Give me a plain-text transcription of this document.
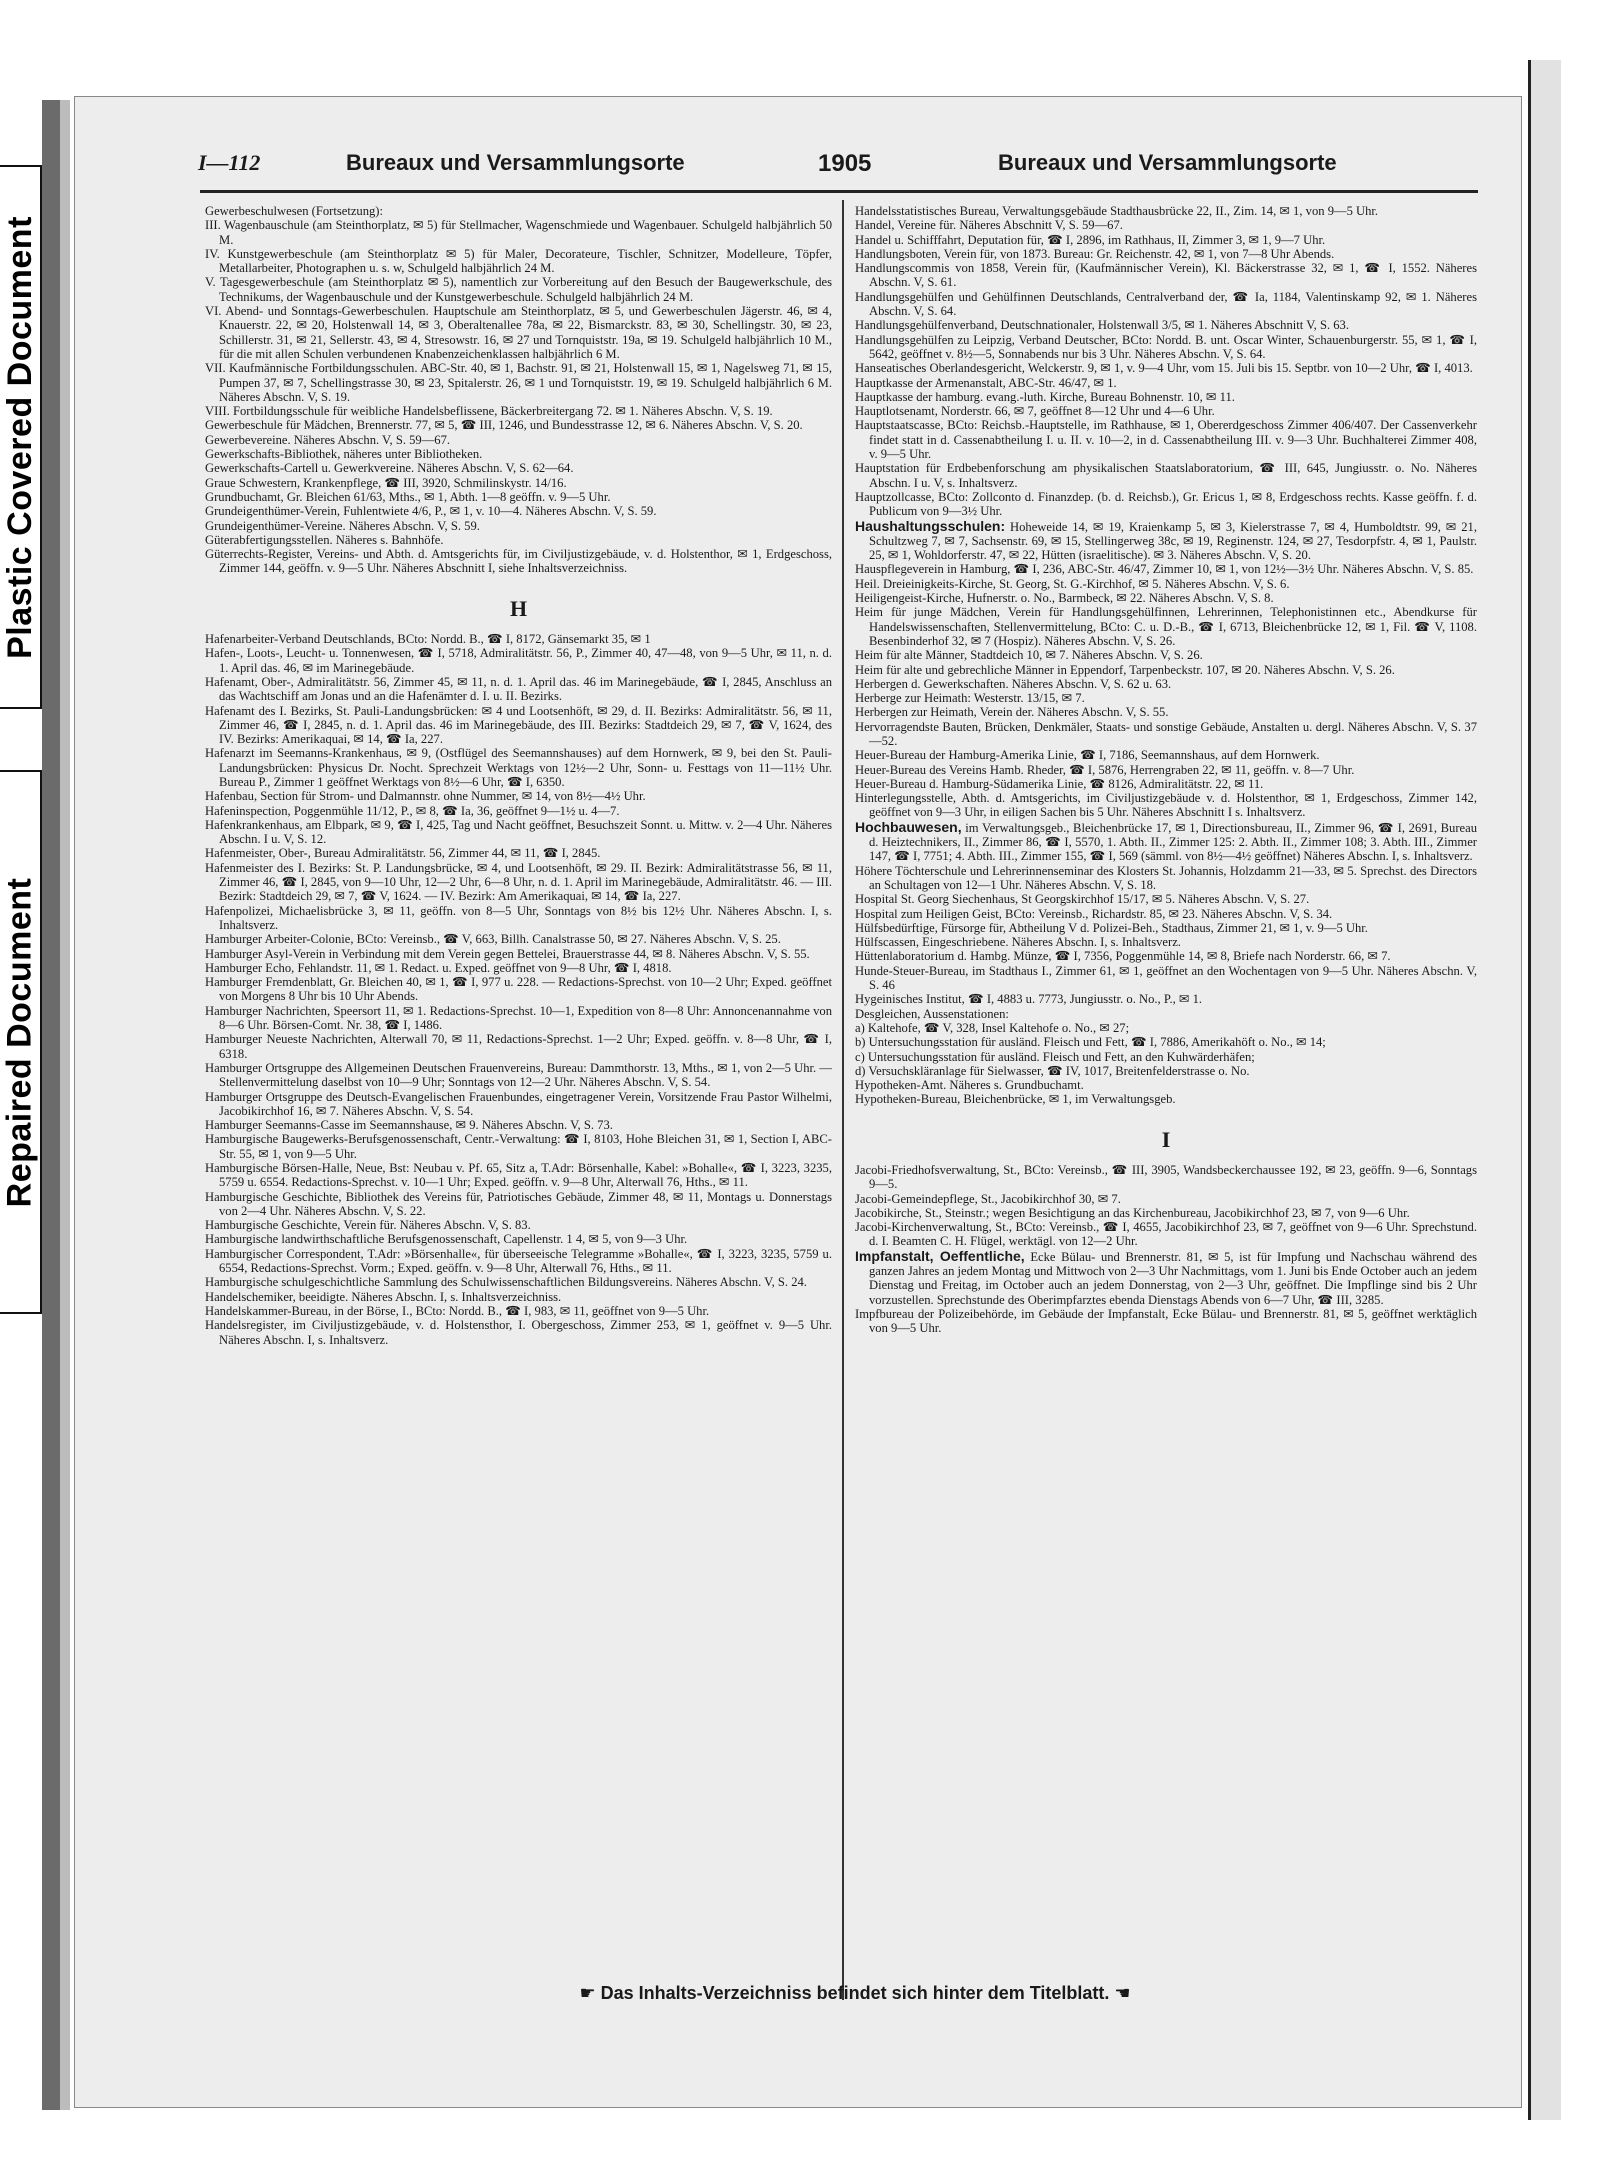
Plastic Covered Document
Repaired Document
I—112	Bureaux und Versammlungsorte	1905	Bureaux und Versammlungsorte
Gewerbeschulwesen (Fortsetzung):
III. Wagenbauschule (am Steinthorplatz, ✉ 5) für Stellmacher, Wagenschmiede und Wagenbauer. Schulgeld halbjährlich 50 M.
IV. Kunstgewerbeschule (am Steinthorplatz ✉ 5) für Maler, Decorateure, Tischler, Schnitzer, Modelleure, Töpfer, Metallarbeiter, Photographen u. s. w, Schulgeld halbjährlich 24 M.
V. Tagesgewerbeschule (am Steinthorplatz ✉ 5), namentlich zur Vorbereitung auf den Besuch der Baugewerkschule, des Technikums, der Wagenbauschule und der Kunstgewerbeschule. Schulgeld halbjährlich 24 M.
VI. Abend- und Sonntags-Gewerbeschulen. Hauptschule am Steinthorplatz, ✉ 5, und Gewerbeschulen Jägerstr. 46, ✉ 4, Knauerstr. 22, ✉ 20, Holstenwall 14, ✉ 3, Oberaltenallee 78a, ✉ 22, Bismarckstr. 83, ✉ 30, Schellingstr. 30, ✉ 23, Schillerstr. 31, ✉ 21, Sellerstr. 43, ✉ 4, Stresowstr. 16, ✉ 27 und Tornquiststr. 19a, ✉ 19. Schulgeld halbjährlich 10 M., für die mit allen Schulen verbundenen Knabenzeichenklassen halbjährlich 6 M.
VII. Kaufmännische Fortbildungsschulen. ABC-Str. 40, ✉ 1, Bachstr. 91, ✉ 21, Holstenwall 15, ✉ 1, Nagelsweg 71, ✉ 15, Pumpen 37, ✉ 7, Schellingstrasse 30, ✉ 23, Spitalerstr. 26, ✉ 1 und Tornquiststr. 19, ✉ 19. Schulgeld halbjährlich 6 M. Näheres Abschn. V, S. 19.
VIII. Fortbildungsschule für weibliche Handelsbeflissene, Bäckerbreitergang 72. ✉ 1. Näheres Abschn. V, S. 19.
Gewerbeschule für Mädchen, Brennerstr. 77, ✉ 5, ☎ III, 1246, und Bundesstrasse 12, ✉ 6. Näheres Abschn. V, S. 20.
Gewerbevereine. Näheres Abschn. V, S. 59—67.
Gewerkschafts-Bibliothek, näheres unter Bibliotheken.
Gewerkschafts-Cartell u. Gewerkvereine. Näheres Abschn. V, S. 62—64.
Graue Schwestern, Krankenpflege, ☎ III, 3920, Schmilinskystr. 14/16.
Grundbuchamt, Gr. Bleichen 61/63, Mths., ✉ 1, Abth. 1—8 geöffn. v. 9—5 Uhr.
Grundeigenthümer-Verein, Fuhlentwiete 4/6, P., ✉ 1, v. 10—4. Näheres Abschn. V, S. 59.
Grundeigenthümer-Vereine. Näheres Abschn. V, S. 59.
Güterabfertigungsstellen. Näheres s. Bahnhöfe.
Güterrechts-Register, Vereins- und Abth. d. Amtsgerichts für, im Civiljustizgebäude, v. d. Holstenthor, ✉ 1, Erdgeschoss, Zimmer 144, geöffn. v. 9—5 Uhr. Näheres Abschnitt I, siehe Inhaltsverzeichniss.
H
Hafenarbeiter-Verband Deutschlands, BCto: Nordd. B., ☎ I, 8172, Gänsemarkt 35, ✉ 1
Hafen-, Loots-, Leucht- u. Tonnenwesen, ☎ I, 5718, Admiralitätstr. 56, P., Zimmer 40, 47—48, von 9—5 Uhr, ✉ 11, n. d. 1. April das. 46, ✉ im Marinegebäude.
Hafenamt, Ober-, Admiralitätstr. 56, Zimmer 45, ✉ 11, n. d. 1. April das. 46 im Marinegebäude, ☎ I, 2845, Anschluss an das Wachtschiff am Jonas und an die Hafenämter d. I. u. II. Bezirks.
Hafenamt des I. Bezirks, St. Pauli-Landungsbrücken: ✉ 4 und Lootsenhöft, ✉ 29, d. II. Bezirks: Admiralitätstr. 56, ✉ 11, Zimmer 46, ☎ I, 2845, n. d. 1. April das. 46 im Marinegebäude, des III. Bezirks: Stadtdeich 29, ✉ 7, ☎ V, 1624, des IV. Bezirks: Amerikaquai, ✉ 14, ☎ Ia, 227.
Hafenarzt im Seemanns-Krankenhaus, ✉ 9, (Ostflügel des Seemannshauses) auf dem Hornwerk, ✉ 9, bei den St. Pauli-Landungsbrücken: Physicus Dr. Nocht. Sprechzeit Werktags von 12½—2 Uhr, Sonn- u. Festtags von 11—11½ Uhr. Bureau P., Zimmer 1 geöffnet Werktags von 8½—6 Uhr, ☎ I, 6350.
Hafenbau, Section für Strom- und Dalmannstr. ohne Nummer, ✉ 14, von 8½—4½ Uhr.
Hafeninspection, Poggenmühle 11/12, P., ✉ 8, ☎ Ia, 36, geöffnet 9—1½ u. 4—7.
Hafenkrankenhaus, am Elbpark, ✉ 9, ☎ I, 425, Tag und Nacht geöffnet, Besuchszeit Sonnt. u. Mittw. v. 2—4 Uhr. Näheres Abschn. I u. V, S. 12.
Hafenmeister, Ober-, Bureau Admiralitätstr. 56, Zimmer 44, ✉ 11, ☎ I, 2845.
Hafenmeister des I. Bezirks: St. P. Landungsbrücke, ✉ 4, und Lootsenhöft, ✉ 29. II. Bezirk: Admiralitätstrasse 56, ✉ 11, Zimmer 46, ☎ I, 2845, von 9—10 Uhr, 12—2 Uhr, 6—8 Uhr, n. d. 1. April im Marinegebäude, Admiralitätstr. 46. — III. Bezirk: Stadtdeich 29, ✉ 7, ☎ V, 1624. — IV. Bezirk: Am Amerikaquai, ✉ 14, ☎ Ia, 227.
Hafenpolizei, Michaelisbrücke 3, ✉ 11, geöffn. von 8—5 Uhr, Sonntags von 8½ bis 12½ Uhr. Näheres Abschn. I, s. Inhaltsverz.
Hamburger Arbeiter-Colonie, BCto: Vereinsb., ☎ V, 663, Billh. Canalstrasse 50, ✉ 27. Näheres Abschn. V, S. 25.
Hamburger Asyl-Verein in Verbindung mit dem Verein gegen Bettelei, Brauerstrasse 44, ✉ 8. Näheres Abschn. V, S. 55.
Hamburger Echo, Fehlandstr. 11, ✉ 1. Redact. u. Exped. geöffnet von 9—8 Uhr, ☎ I, 4818.
Hamburger Fremdenblatt, Gr. Bleichen 40, ✉ 1, ☎ I, 977 u. 228. — Redactions-Sprechst. von 10—2 Uhr; Exped. geöffnet von Morgens 8 Uhr bis 10 Uhr Abends.
Hamburger Nachrichten, Speersort 11, ✉ 1. Redactions-Sprechst. 10—1, Expedition von 8—8 Uhr: Annoncenannahme von 8—6 Uhr. Börsen-Comt. Nr. 38, ☎ I, 1486.
Hamburger Neueste Nachrichten, Alterwall 70, ✉ 11, Redactions-Sprechst. 1—2 Uhr; Exped. geöffn. v. 8—8 Uhr, ☎ I, 6318.
Hamburger Ortsgruppe des Allgemeinen Deutschen Frauenvereins, Bureau: Dammthorstr. 13, Mths., ✉ 1, von 2—5 Uhr. — Stellenvermittelung daselbst von 10—9 Uhr; Sonntags von 12—2 Uhr. Näheres Abschn. V, S. 54.
Hamburger Ortsgruppe des Deutsch-Evangelischen Frauenbundes, eingetragener Verein, Vorsitzende Frau Pastor Wilhelmi, Jacobikirchhof 16, ✉ 7. Näheres Abschn. V, S. 54.
Hamburger Seemanns-Casse im Seemannshause, ✉ 9. Näheres Abschn. V, S. 73.
Hamburgische Baugewerks-Berufsgenossenschaft, Centr.-Verwaltung: ☎ I, 8103, Hohe Bleichen 31, ✉ 1, Section I, ABC-Str. 55, ✉ 1, von 9—5 Uhr.
Hamburgische Börsen-Halle, Neue, Bst: Neubau v. Pf. 65, Sitz a, T.Adr: Börsenhalle, Kabel: »Bohalle«, ☎ I, 3223, 3235, 5759 u. 6554. Redactions-Sprechst. v. 10—1 Uhr; Exped. geöffn. v. 9—8 Uhr, Alterwall 76, Hths., ✉ 11.
Hamburgische Geschichte, Bibliothek des Vereins für, Patriotisches Gebäude, Zimmer 48, ✉ 11, Montags u. Donnerstags von 2—4 Uhr. Näheres Abschn. V, S. 22.
Hamburgische Geschichte, Verein für. Näheres Abschn. V, S. 83.
Hamburgische landwirthschaftliche Berufsgenossenschaft, Capellenstr. 1 4, ✉ 5, von 9—3 Uhr.
Hamburgischer Correspondent, T.Adr: »Börsenhalle«, für überseeische Telegramme »Bohalle«, ☎ I, 3223, 3235, 5759 u. 6554, Redactions-Sprechst. Vorm.; Exped. geöffn. v. 9—8 Uhr, Alterwall 76, Hths., ✉ 11.
Hamburgische schulgeschichtliche Sammlung des Schulwissenschaftlichen Bildungsvereins. Näheres Abschn. V, S. 24.
Handelschemiker, beeidigte. Näheres Abschn. I, s. Inhaltsverzeichniss.
Handelskammer-Bureau, in der Börse, I., BCto: Nordd. B., ☎ I, 983, ✉ 11, geöffnet von 9—5 Uhr.
Handelsregister, im Civiljustizgebäude, v. d. Holstensthor, I. Obergeschoss, Zimmer 253, ✉ 1, geöffnet v. 9—5 Uhr. Näheres Abschn. I, s. Inhaltsverz.
Handelsstatistisches Bureau, Verwaltungsgebäude Stadthausbrücke 22, II., Zim. 14, ✉ 1, von 9—5 Uhr.
Handel, Vereine für. Näheres Abschnitt V, S. 59—67.
Handel u. Schifffahrt, Deputation für, ☎ I, 2896, im Rathhaus, II, Zimmer 3, ✉ 1, 9—7 Uhr.
Handlungsboten, Verein für, von 1873. Bureau: Gr. Reichenstr. 42, ✉ 1, von 7—8 Uhr Abends.
Handlungscommis von 1858, Verein für, (Kaufmännischer Verein), Kl. Bäckerstrasse 32, ✉ 1, ☎ I, 1552. Näheres Abschn. V, S. 61.
Handlungsgehülfen und Gehülfinnen Deutschlands, Centralverband der, ☎ Ia, 1184, Valentinskamp 92, ✉ 1. Näheres Abschn. V, S. 64.
Handlungsgehülfenverband, Deutschnationaler, Holstenwall 3/5, ✉ 1. Näheres Abschnitt V, S. 63.
Handlungsgehülfen zu Leipzig, Verband Deutscher, BCto: Nordd. B. unt. Oscar Winter, Schauenburgerstr. 55, ✉ 1, ☎ I, 5642, geöffnet v. 8½—5, Sonnabends nur bis 3 Uhr. Näheres Abschn. V, S. 64.
Hanseatisches Oberlandesgericht, Welckerstr. 9, ✉ 1, v. 9—4 Uhr, vom 15. Juli bis 15. Septbr. von 10—2 Uhr, ☎ I, 4013.
Hauptkasse der Armenanstalt, ABC-Str. 46/47, ✉ 1.
Hauptkasse der hamburg. evang.-luth. Kirche, Bureau Bohnenstr. 10, ✉ 11.
Hauptlotsenamt, Norderstr. 66, ✉ 7, geöffnet 8—12 Uhr und 4—6 Uhr.
Hauptstaatscasse, BCto: Reichsb.-Hauptstelle, im Rathhause, ✉ 1, Obererdgeschoss Zimmer 406/407. Der Cassenverkehr findet statt in d. Cassenabtheilung I. u. II. v. 10—2, in d. Cassenabtheilung III. v. 9—3 Uhr. Buchhalterei Zimmer 408, v. 9—5 Uhr.
Hauptstation für Erdbebenforschung am physikalischen Staatslaboratorium, ☎ III, 645, Jungiusstr. o. No. Näheres Abschn. I u. V, s. Inhaltsverz.
Hauptzollcasse, BCto: Zollconto d. Finanzdep. (b. d. Reichsb.), Gr. Ericus 1, ✉ 8, Erdgeschoss rechts. Kasse geöffn. f. d. Publicum von 9—3½ Uhr.
Haushaltungsschulen: Hoheweide 14, ✉ 19, Kraienkamp 5, ✉ 3, Kielerstrasse 7, ✉ 4, Humboldtstr. 99, ✉ 21, Schultzweg 7, ✉ 7, Sachsenstr. 69, ✉ 15, Stellingerweg 38c, ✉ 19, Reginenstr. 124, ✉ 27, Tesdorpfstr. 4, ✉ 1, Paulstr. 25, ✉ 1, Wohldorferstr. 47, ✉ 22, Hütten (israelitische). ✉ 3. Näheres Abschn. V, S. 20.
Hauspflegeverein in Hamburg, ☎ I, 236, ABC-Str. 46/47, Zimmer 10, ✉ 1, von 12½—3½ Uhr. Näheres Abschn. V, S. 85.
Heil. Dreieinigkeits-Kirche, St. Georg, St. G.-Kirchhof, ✉ 5. Näheres Abschn. V, S. 6.
Heiligengeist-Kirche, Hufnerstr. o. No., Barmbeck, ✉ 22. Näheres Abschn. V, S. 8.
Heim für junge Mädchen, Verein für Handlungsgehülfinnen, Lehrerinnen, Telephonistinnen etc., Abendkurse für Handelswissenschaften, Stellenvermittelung, BCto: C. u. D.-B., ☎ I, 6713, Bleichenbrücke 12, ✉ 1, Fil. ☎ V, 1108. Besenbinderhof 32, ✉ 7 (Hospiz). Näheres Abschn. V, S. 26.
Heim für alte Männer, Stadtdeich 10, ✉ 7. Näheres Abschn. V, S. 26.
Heim für alte und gebrechliche Männer in Eppendorf, Tarpenbeckstr. 107, ✉ 20. Näheres Abschn. V, S. 26.
Herbergen d. Gewerkschaften. Näheres Abschn. V, S. 62 u. 63.
Herberge zur Heimath: Westerstr. 13/15, ✉ 7.
Herbergen zur Heimath, Verein der. Näheres Abschn. V, S. 55.
Hervorragendste Bauten, Brücken, Denkmäler, Staats- und sonstige Gebäude, Anstalten u. dergl. Näheres Abschn. V, S. 37—52.
Heuer-Bureau der Hamburg-Amerika Linie, ☎ I, 7186, Seemannshaus, auf dem Hornwerk.
Heuer-Bureau des Vereins Hamb. Rheder, ☎ I, 5876, Herrengraben 22, ✉ 11, geöffn. v. 8—7 Uhr.
Heuer-Bureau d. Hamburg-Südamerika Linie, ☎ 8126, Admiralitätstr. 22, ✉ 11.
Hinterlegungsstelle, Abth. d. Amtsgerichts, im Civiljustizgebäude v. d. Holstenthor, ✉ 1, Erdgeschoss, Zimmer 142, geöffnet von 9—3 Uhr, in eiligen Sachen bis 5 Uhr. Näheres Abschnitt I s. Inhaltsverz.
Hochbauwesen, im Verwaltungsgeb., Bleichenbrücke 17, ✉ 1, Directionsbureau, II., Zimmer 96, ☎ I, 2691, Bureau d. Heiztechnikers, II., Zimmer 86, ☎ I, 5570, 1. Abth. II., Zimmer 125: 2. Abth. II., Zimmer 108; 3. Abth. III., Zimmer 147, ☎ I, 7751; 4. Abth. III., Zimmer 155, ☎ I, 569 (sämml. von 8½—4½ geöffnet) Näheres Abschn. I, s. Inhaltsverz.
Höhere Töchterschule und Lehrerinnenseminar des Klosters St. Johannis, Holzdamm 21—33, ✉ 5. Sprechst. des Directors an Schultagen von 12—1 Uhr. Näheres Abschn. V, S. 18.
Hospital St. Georg Siechenhaus, St Georgskirchhof 15/17, ✉ 5. Näheres Abschn. V, S. 27.
Hospital zum Heiligen Geist, BCto: Vereinsb., Richardstr. 85, ✉ 23. Näheres Abschn. V, S. 34.
Hülfsbedürftige, Fürsorge für, Abtheilung V d. Polizei-Beh., Stadthaus, Zimmer 21, ✉ 1, v. 9—5 Uhr.
Hülfscassen, Eingeschriebene. Näheres Abschn. I, s. Inhaltsverz.
Hüttenlaboratorium d. Hambg. Münze, ☎ I, 7356, Poggenmühle 14, ✉ 8, Briefe nach Norderstr. 66, ✉ 7.
Hunde-Steuer-Bureau, im Stadthaus I., Zimmer 61, ✉ 1, geöffnet an den Wochentagen von 9—5 Uhr. Näheres Abschn. V, S. 46
Hygeinisches Institut, ☎ I, 4883 u. 7773, Jungiusstr. o. No., P., ✉ 1.
Desgleichen, Aussenstationen:
a) Kaltehofe, ☎ V, 328, Insel Kaltehofe o. No., ✉ 27;
b) Untersuchungsstation für ausländ. Fleisch und Fett, ☎ I, 7886, Amerikahöft o. No., ✉ 14;
c) Untersuchungsstation für ausländ. Fleisch und Fett, an den Kuhwärderhäfen;
d) Versuchskläranlage für Sielwasser, ☎ IV, 1017, Breitenfelderstrasse o. No.
Hypotheken-Amt. Näheres s. Grundbuchamt.
Hypotheken-Bureau, Bleichenbrücke, ✉ 1, im Verwaltungsgeb.
I
Jacobi-Friedhofsverwaltung, St., BCto: Vereinsb., ☎ III, 3905, Wandsbeckerchaussee 192, ✉ 23, geöffn. 9—6, Sonntags 9—5.
Jacobi-Gemeindepflege, St., Jacobikirchhof 30, ✉ 7.
Jacobikirche, St., Steinstr.; wegen Besichtigung an das Kirchenbureau, Jacobikirchhof 23, ✉ 7, von 9—6 Uhr.
Jacobi-Kirchenverwaltung, St., BCto: Vereinsb., ☎ I, 4655, Jacobikirchhof 23, ✉ 7, geöffnet von 9—6 Uhr. Sprechstund. d. I. Beamten C. H. Flügel, werktägl. von 12—2 Uhr.
Impfanstalt, Oeffentliche, Ecke Bülau- und Brennerstr. 81, ✉ 5, ist für Impfung und Nachschau während des ganzen Jahres an jedem Montag und Mittwoch von 2—3 Uhr Nachmittags, vom 1. Juni bis Ende October auch an jedem Dienstag und Freitag, im October auch an jedem Donnerstag, von 2—3 Uhr, geöffnet. Die Impflinge sind bis 2 Uhr vorzustellen. Sprechstunde des Oberimpfarztes ebenda Dienstags Abends von 6—7 Uhr, ☎ III, 3285.
Impfbureau der Polizeibehörde, im Gebäude der Impfanstalt, Ecke Bülau- und Brennerstr. 81, ✉ 5, geöffnet werktäglich von 9—5 Uhr.
☛ Das Inhalts-Verzeichniss befindet sich hinter dem Titelblatt. ☚
